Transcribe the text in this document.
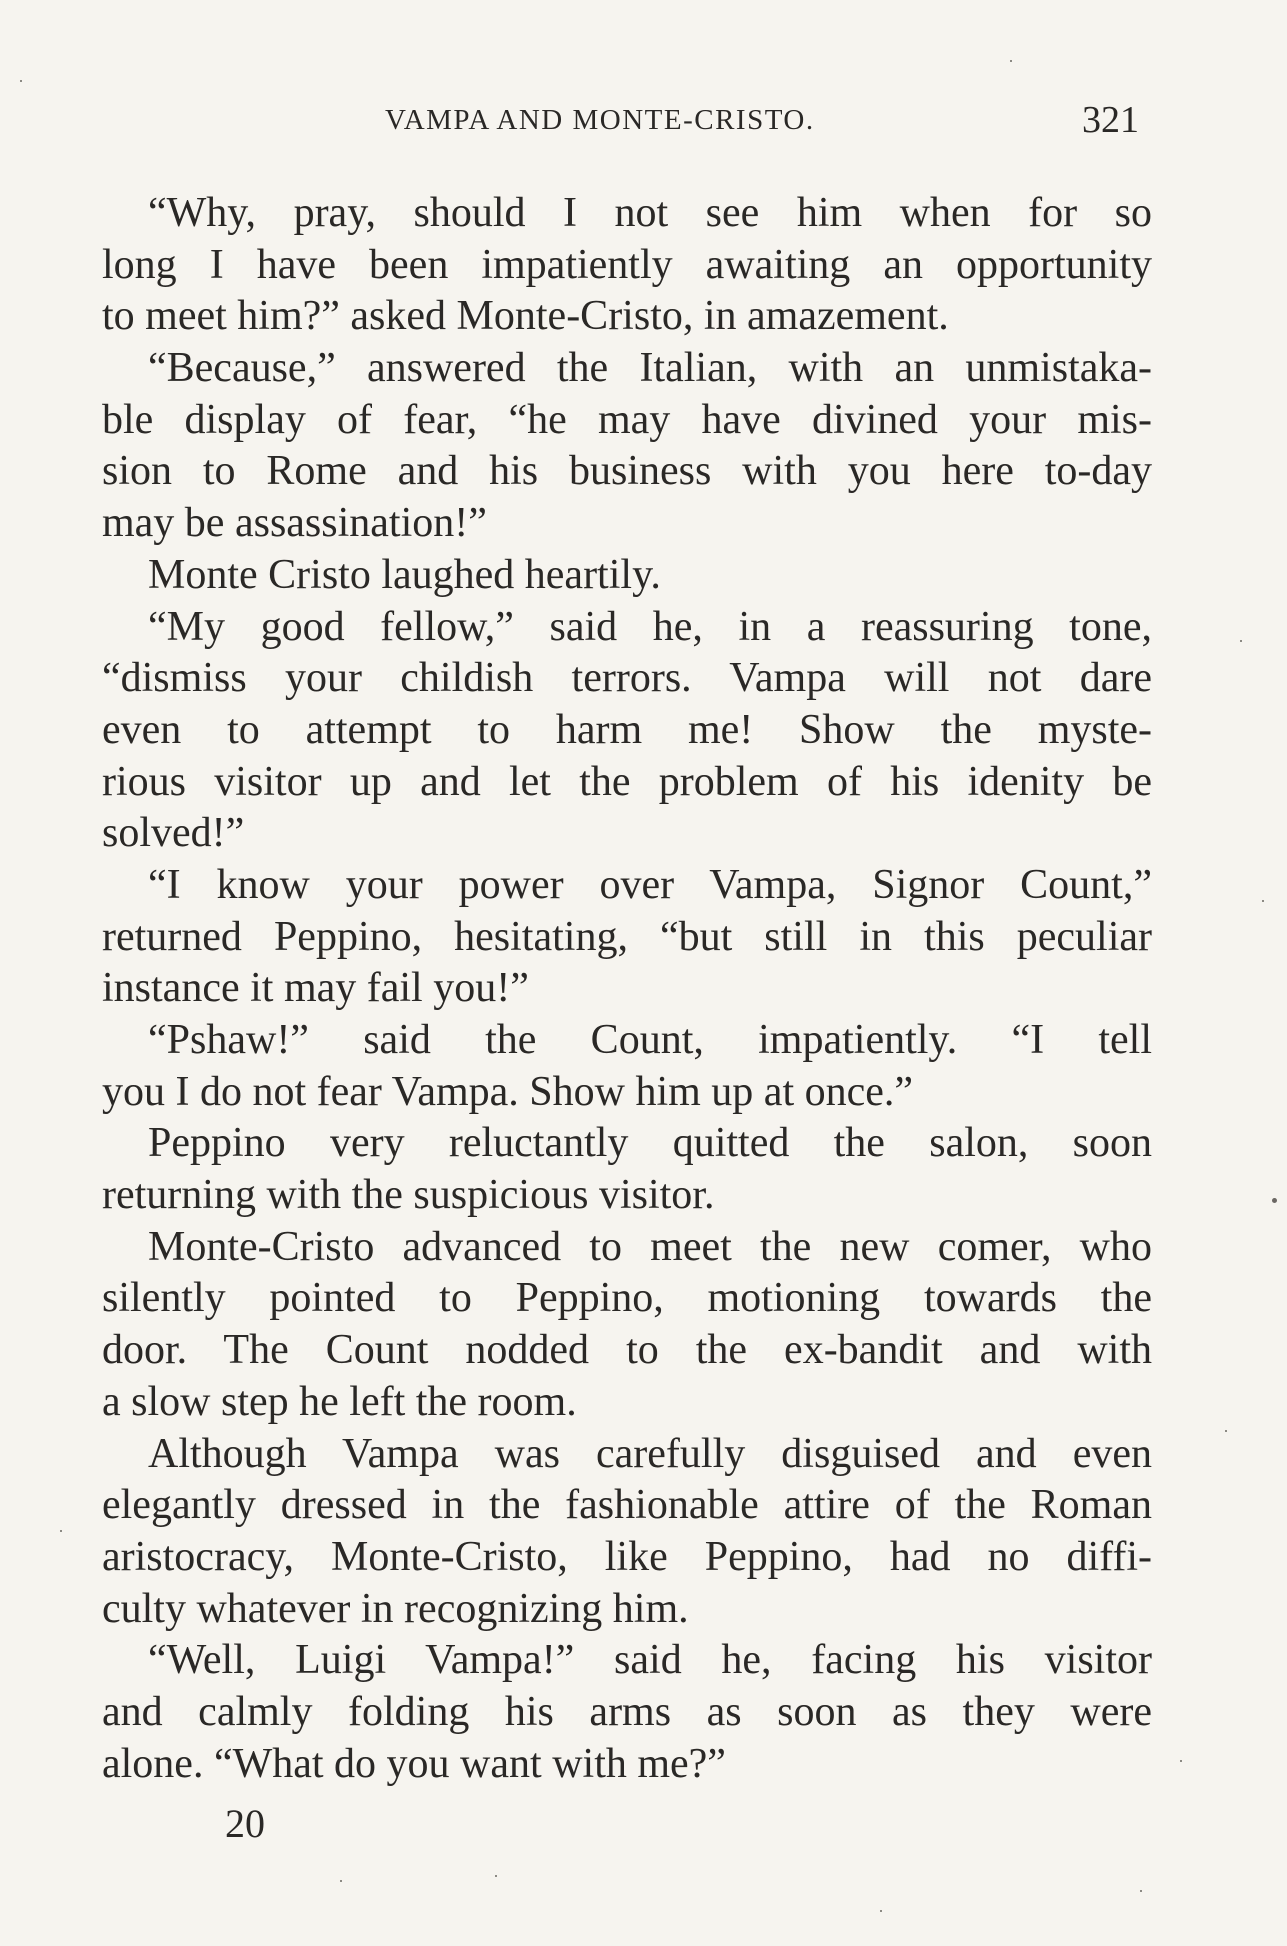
VAMPA AND MONTE-CRISTO.	321
“Why, pray, should I not see him when for so
long I have been impatiently awaiting an opportunity
to meet him?” asked Monte-Cristo, in amazement.
“Because,” answered the Italian, with an unmistaka-
ble display of fear, “he may have divined your mis-
sion to Rome and his business with you here to-day
may be assassination!”
Monte Cristo laughed heartily.
“My good fellow,” said he, in a reassuring tone,
“dismiss your childish terrors. Vampa will not dare
even to attempt to harm me! Show the myste-
rious visitor up and let the problem of his idenity be
solved!”
“I know your power over Vampa, Signor Count,”
returned Peppino, hesitating, “but still in this peculiar
instance it may fail you!”
“Pshaw!” said the Count, impatiently. “I tell
you I do not fear Vampa. Show him up at once.”
Peppino very reluctantly quitted the salon, soon
returning with the suspicious visitor.
Monte-Cristo advanced to meet the new comer, who
silently pointed to Peppino, motioning towards the
door. The Count nodded to the ex-bandit and with
a slow step he left the room.
Although Vampa was carefully disguised and even
elegantly dressed in the fashionable attire of the Roman
aristocracy, Monte-Cristo, like Peppino, had no diffi-
culty whatever in recognizing him.
“Well, Luigi Vampa!” said he, facing his visitor
and calmly folding his arms as soon as they were
alone. “What do you want with me?”
20
